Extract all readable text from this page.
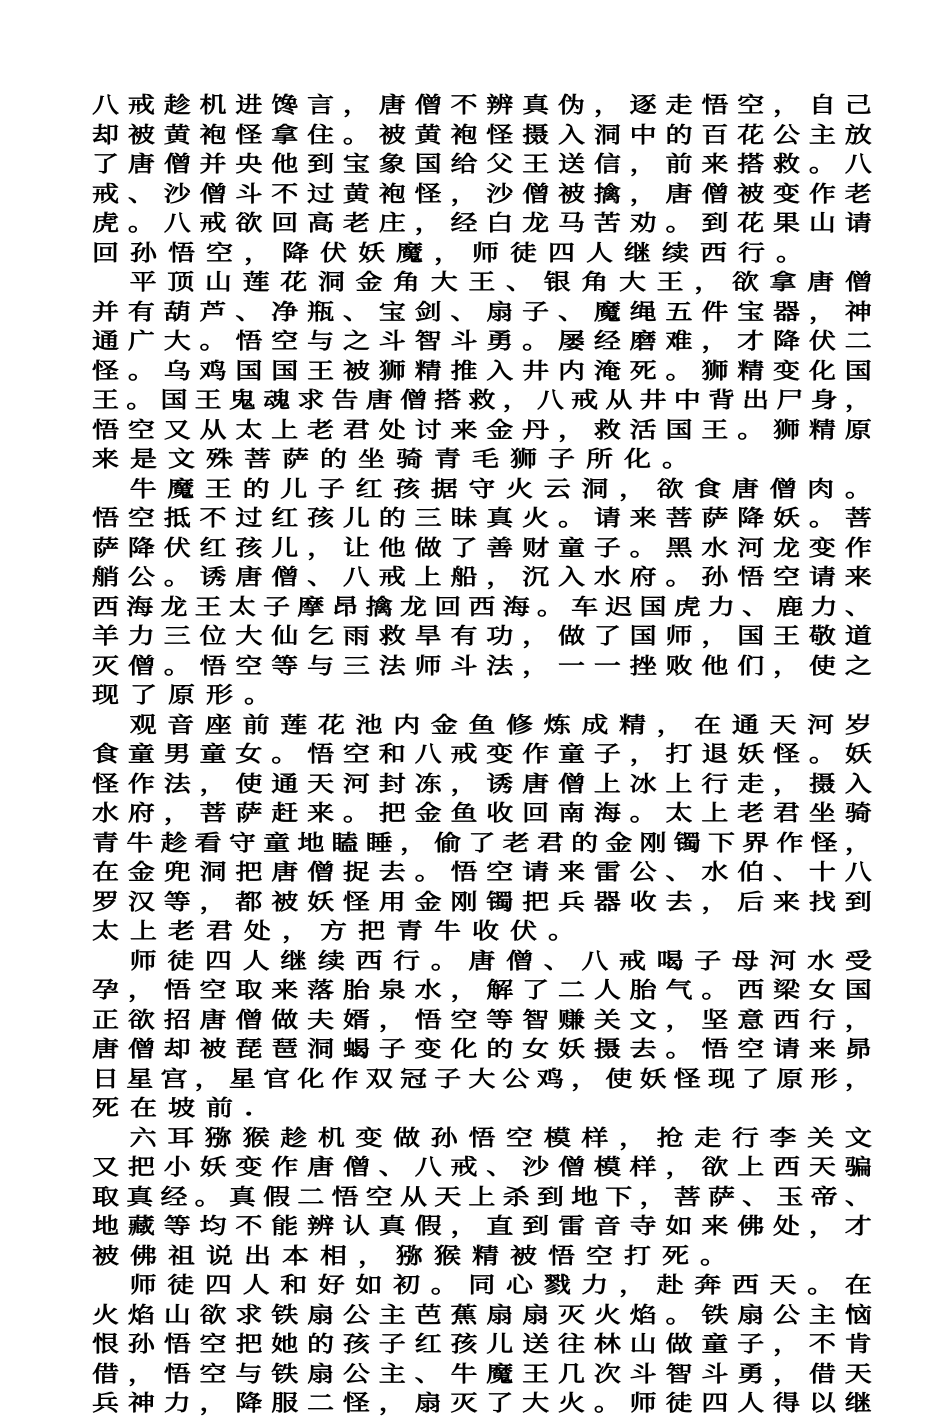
八 戒 趁 机 进 馋 言 ， 唐 僧 不 辨 真 伪 ， 逐 走 悟 空 ， 自 己
却 被 黄 袍 怪 拿 住 。 被 黄 袍 怪 摄 入 洞 中 的 百 花 公 主 放
了 唐 僧 并 央 他 到 宝 象 国 给 父 王 送 信 ， 前 来 搭 救 。 八
戒 、 沙 僧 斗 不 过 黄 袍 怪 ， 沙 僧 被 擒 ， 唐 僧 被 变 作 老
虎 。 八 戒 欲 回 高 老 庄 ， 经 白 龙 马 苦 劝 。 到 花 果 山 请
回孙悟空，降伏妖魔，师徒四人继续西行。

平 顶 山 莲 花 洞 金 角 大 王 、 银 角 大 王 ， 欲 拿 唐 僧
并 有 葫 芦 、 净 瓶 、 宝 剑 、 扇 子 、 魔 绳 五 件 宝 器 ， 神
通 广 大 。 悟 空 与 之 斗 智 斗 勇 。 屡 经 磨 难 ， 才 降 伏 二
怪 。 乌 鸡 国 国 王 被 狮 精 推 入 井 内 淹 死 。 狮 精 变 化 国
王 。 国 王 鬼 魂 求 告 唐 僧 搭 救 ， 八 戒 从 井 中 背 出 尸 身 ，
悟 空 又 从 太 上 老 君 处 讨 来 金 丹 ， 救 活 国 王 。 狮 精 原
来是文殊菩萨的坐骑青毛狮子所化。

牛 魔 王 的 儿 子 红 孩 据 守 火 云 洞 ， 欲 食 唐 僧 肉 。
悟 空 抵 不 过 红 孩 儿 的 三 昧 真 火 。 请 来 菩 萨 降 妖 。 菩
萨 降 伏 红 孩 儿 ， 让 他 做 了 善 财 童 子 。 黑 水 河 龙 变 作
艄 公 。 诱 唐 僧 、 八 戒 上 船 ， 沉 入 水 府 。 孙 悟 空 请 来
西 海 龙 王 太 子 摩 昂 擒 龙 回 西 海 。 车 迟 国 虎 力 、 鹿 力 、
羊 力 三 位 大 仙 乞 雨 救 旱 有 功 ， 做 了 国 师 ， 国 王 敬 道
灭 僧 。 悟 空 等 与 三 法 师 斗 法 ， 一 一 挫 败 他 们 ， 使 之
现了原形。

观 音 座 前 莲 花 池 内 金 鱼 修 炼 成 精 ， 在 通 天 河 岁
食 童 男 童 女 。 悟 空 和 八 戒 变 作 童 子 ， 打 退 妖 怪 。 妖
怪 作 法 ， 使 通 天 河 封 冻 ， 诱 唐 僧 上 冰 上 行 走 ， 摄 入
水 府 ， 菩 萨 赶 来 。 把 金 鱼 收 回 南 海 。 太 上 老 君 坐 骑
青 牛 趁 看 守 童 地 瞌 睡 ， 偷 了 老 君 的 金 刚 镯 下 界 作 怪 ，
在 金 兜 洞 把 唐 僧 捉 去 。 悟 空 请 来 雷 公 、 水 伯 、 十 八
罗 汉 等 ， 都 被 妖 怪 用 金 刚 镯 把 兵 器 收 去 ， 后 来 找 到
太上老君处，方把青牛收伏。

师 徒 四 人 继 续 西 行 。 唐 僧 、 八 戒 喝 子 母 河 水 受
孕 ， 悟 空 取 来 落 胎 泉 水 ， 解 了 二 人 胎 气 。 西 梁 女 国
正 欲 招 唐 僧 做 夫 婿 ， 悟 空 等 智 赚 关 文 ， 坚 意 西 行 ，
唐 僧 却 被 琵 琶 洞 蝎 子 变 化 的 女 妖 摄 去 。 悟 空 请 来 昴
日 星 宫 ， 星 官 化 作 双 冠 子 大 公 鸡 ， 使 妖 怪 现 了 原 形 ，
死在坡前.

六 耳 猕 猴 趁 机 变 做 孙 悟 空 模 样 ， 抢 走 行 李 关 文
又 把 小 妖 变 作 唐 僧 、 八 戒 、 沙 僧 模 样 ， 欲 上 西 天 骗
取 真 经 。 真 假 二 悟 空 从 天 上 杀 到 地 下 ， 菩 萨 、 玉 帝 、
地 藏 等 均 不 能 辨 认 真 假 ， 直 到 雷 音 寺 如 来 佛 处 ， 才
被佛祖说出本相，猕猴精被悟空打死。

师 徒 四 人 和 好 如 初 。 同 心 戮 力 ， 赴 奔 西 天 。 在
火 焰 山 欲 求 铁 扇 公 主 芭 蕉 扇 扇 灭 火 焰 。 铁 扇 公 主 恼
恨 孙 悟 空 把 她 的 孩 子 红 孩 儿 送 往 林 山 做 童 子 ， 不 肯
借 ， 悟 空 与 铁 扇 公 主 、 牛 魔 王 几 次 斗 智 斗 勇 ， 借 天
兵 神 力 ， 降 服 二 怪 ， 扇 灭 了 大 火 。 师 徒 四 人 得 以 继
